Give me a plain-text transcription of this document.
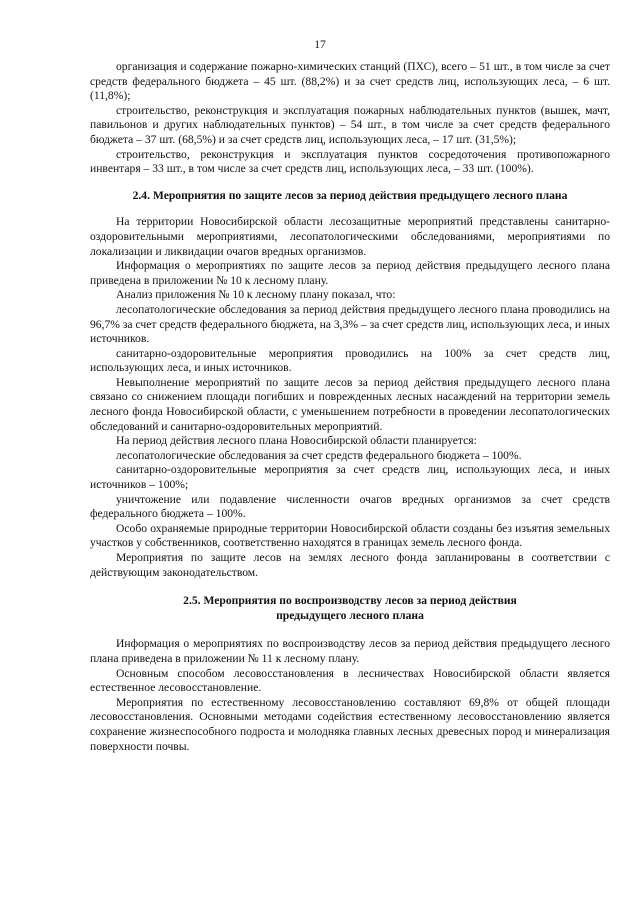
17

организация и содержание пожарно-химических станций (ПХС), всего – 51 шт., в том числе за счет средств федерального бюджета – 45 шт. (88,2%) и за счет средств лиц, использующих леса, – 6 шт. (11,8%);

строительство, реконструкция и эксплуатация пожарных наблюдательных пунктов (вышек, мачт, павильонов и других наблюдательных пунктов) – 54 шт., в том числе за счет средств федерального бюджета – 37 шт. (68,5%) и за счет средств лиц, использующих леса, – 17 шт. (31,5%);

строительство, реконструкция и эксплуатация пунктов сосредоточения противопожарного инвентаря – 33 шт., в том числе за счет средств лиц, использующих леса, – 33 шт. (100%).

2.4. Мероприятия по защите лесов за период действия предыдущего лесного плана

На территории Новосибирской области лесозащитные мероприятий представлены санитарно-оздоровительными мероприятиями, лесопатологическими обследованиями, мероприятиями по локализации и ликвидации очагов вредных организмов.

Информация о мероприятиях по защите лесов за период действия предыдущего лесного плана приведена в приложении № 10 к лесному плану.

Анализ приложения № 10 к лесному плану показал, что:

лесопатологические обследования за период действия предыдущего лесного плана проводились на 96,7% за счет средств федерального бюджета, на 3,3% – за счет средств лиц, использующих леса, и иных источников.

санитарно-оздоровительные мероприятия проводились на 100% за счет средств лиц, использующих леса, и иных источников.

Невыполнение мероприятий по защите лесов за период действия предыдущего лесного плана связано со снижением площади погибших и поврежденных лесных насаждений на территории земель лесного фонда Новосибирской области, с уменьшением потребности в проведении лесопатологических обследований и санитарно-оздоровительных мероприятий.

На период действия лесного плана Новосибирской области планируется:

лесопатологические обследования за счет средств федерального бюджета – 100%.

санитарно-оздоровительные мероприятия за счет средств лиц, использующих леса, и иных источников – 100%;

уничтожение или подавление численности очагов вредных организмов за счет средств федерального бюджета – 100%.

Особо охраняемые природные территории Новосибирской области созданы без изъятия земельных участков у собственников, соответственно находятся в границах земель лесного фонда.

Мероприятия по защите лесов на землях лесного фонда запланированы в соответствии с действующим законодательством.

2.5. Мероприятия по воспроизводству лесов за период действия
предыдущего лесного плана

Информация о мероприятиях по воспроизводству лесов за период действия предыдущего лесного плана приведена в приложении № 11 к лесному плану.

Основным способом лесовосстановления в лесничествах Новосибирской области является естественное лесовосстановление.

Мероприятия по естественному лесовосстановлению составляют 69,8% от общей площади лесовосстановления. Основными методами содействия естественному лесовосстановлению является сохранение жизнеспособного подроста и молодняка главных лесных древесных пород и минерализация поверхности почвы.
